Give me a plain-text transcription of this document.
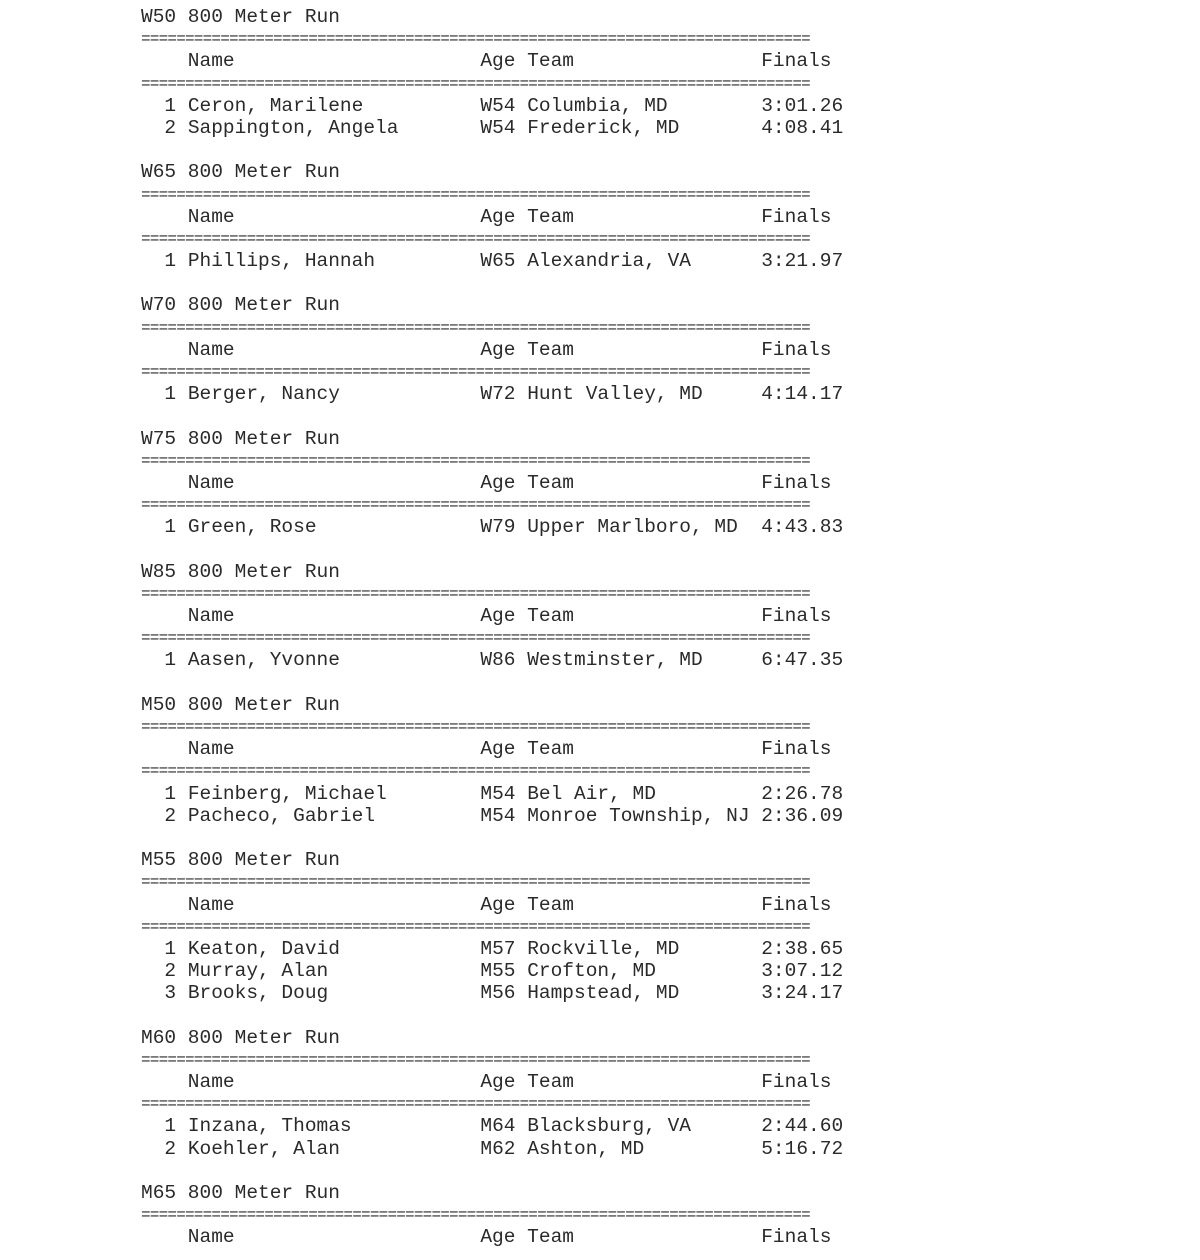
W50 800 Meter Run
============================================================================
Name                     Age Team                Finals
============================================================================
1 Ceron, Marilene          W54 Columbia, MD        3:01.26
2 Sappington, Angela       W54 Frederick, MD       4:08.41
W65 800 Meter Run
============================================================================
Name                     Age Team                Finals
============================================================================
1 Phillips, Hannah         W65 Alexandria, VA      3:21.97
W70 800 Meter Run
============================================================================
Name                     Age Team                Finals
============================================================================
1 Berger, Nancy            W72 Hunt Valley, MD     4:14.17
W75 800 Meter Run
============================================================================
Name                     Age Team                Finals
============================================================================
1 Green, Rose              W79 Upper Marlboro, MD  4:43.83
W85 800 Meter Run
============================================================================
Name                     Age Team                Finals
============================================================================
1 Aasen, Yvonne            W86 Westminster, MD     6:47.35
M50 800 Meter Run
============================================================================
Name                     Age Team                Finals
============================================================================
1 Feinberg, Michael        M54 Bel Air, MD         2:26.78
2 Pacheco, Gabriel         M54 Monroe Township, NJ 2:36.09
M55 800 Meter Run
============================================================================
Name                     Age Team                Finals
============================================================================
1 Keaton, David            M57 Rockville, MD       2:38.65
2 Murray, Alan             M55 Crofton, MD         3:07.12
3 Brooks, Doug             M56 Hampstead, MD       3:24.17
M60 800 Meter Run
============================================================================
Name                     Age Team                Finals
============================================================================
1 Inzana, Thomas           M64 Blacksburg, VA      2:44.60
2 Koehler, Alan            M62 Ashton, MD          5:16.72
M65 800 Meter Run
============================================================================
Name                     Age Team                Finals
